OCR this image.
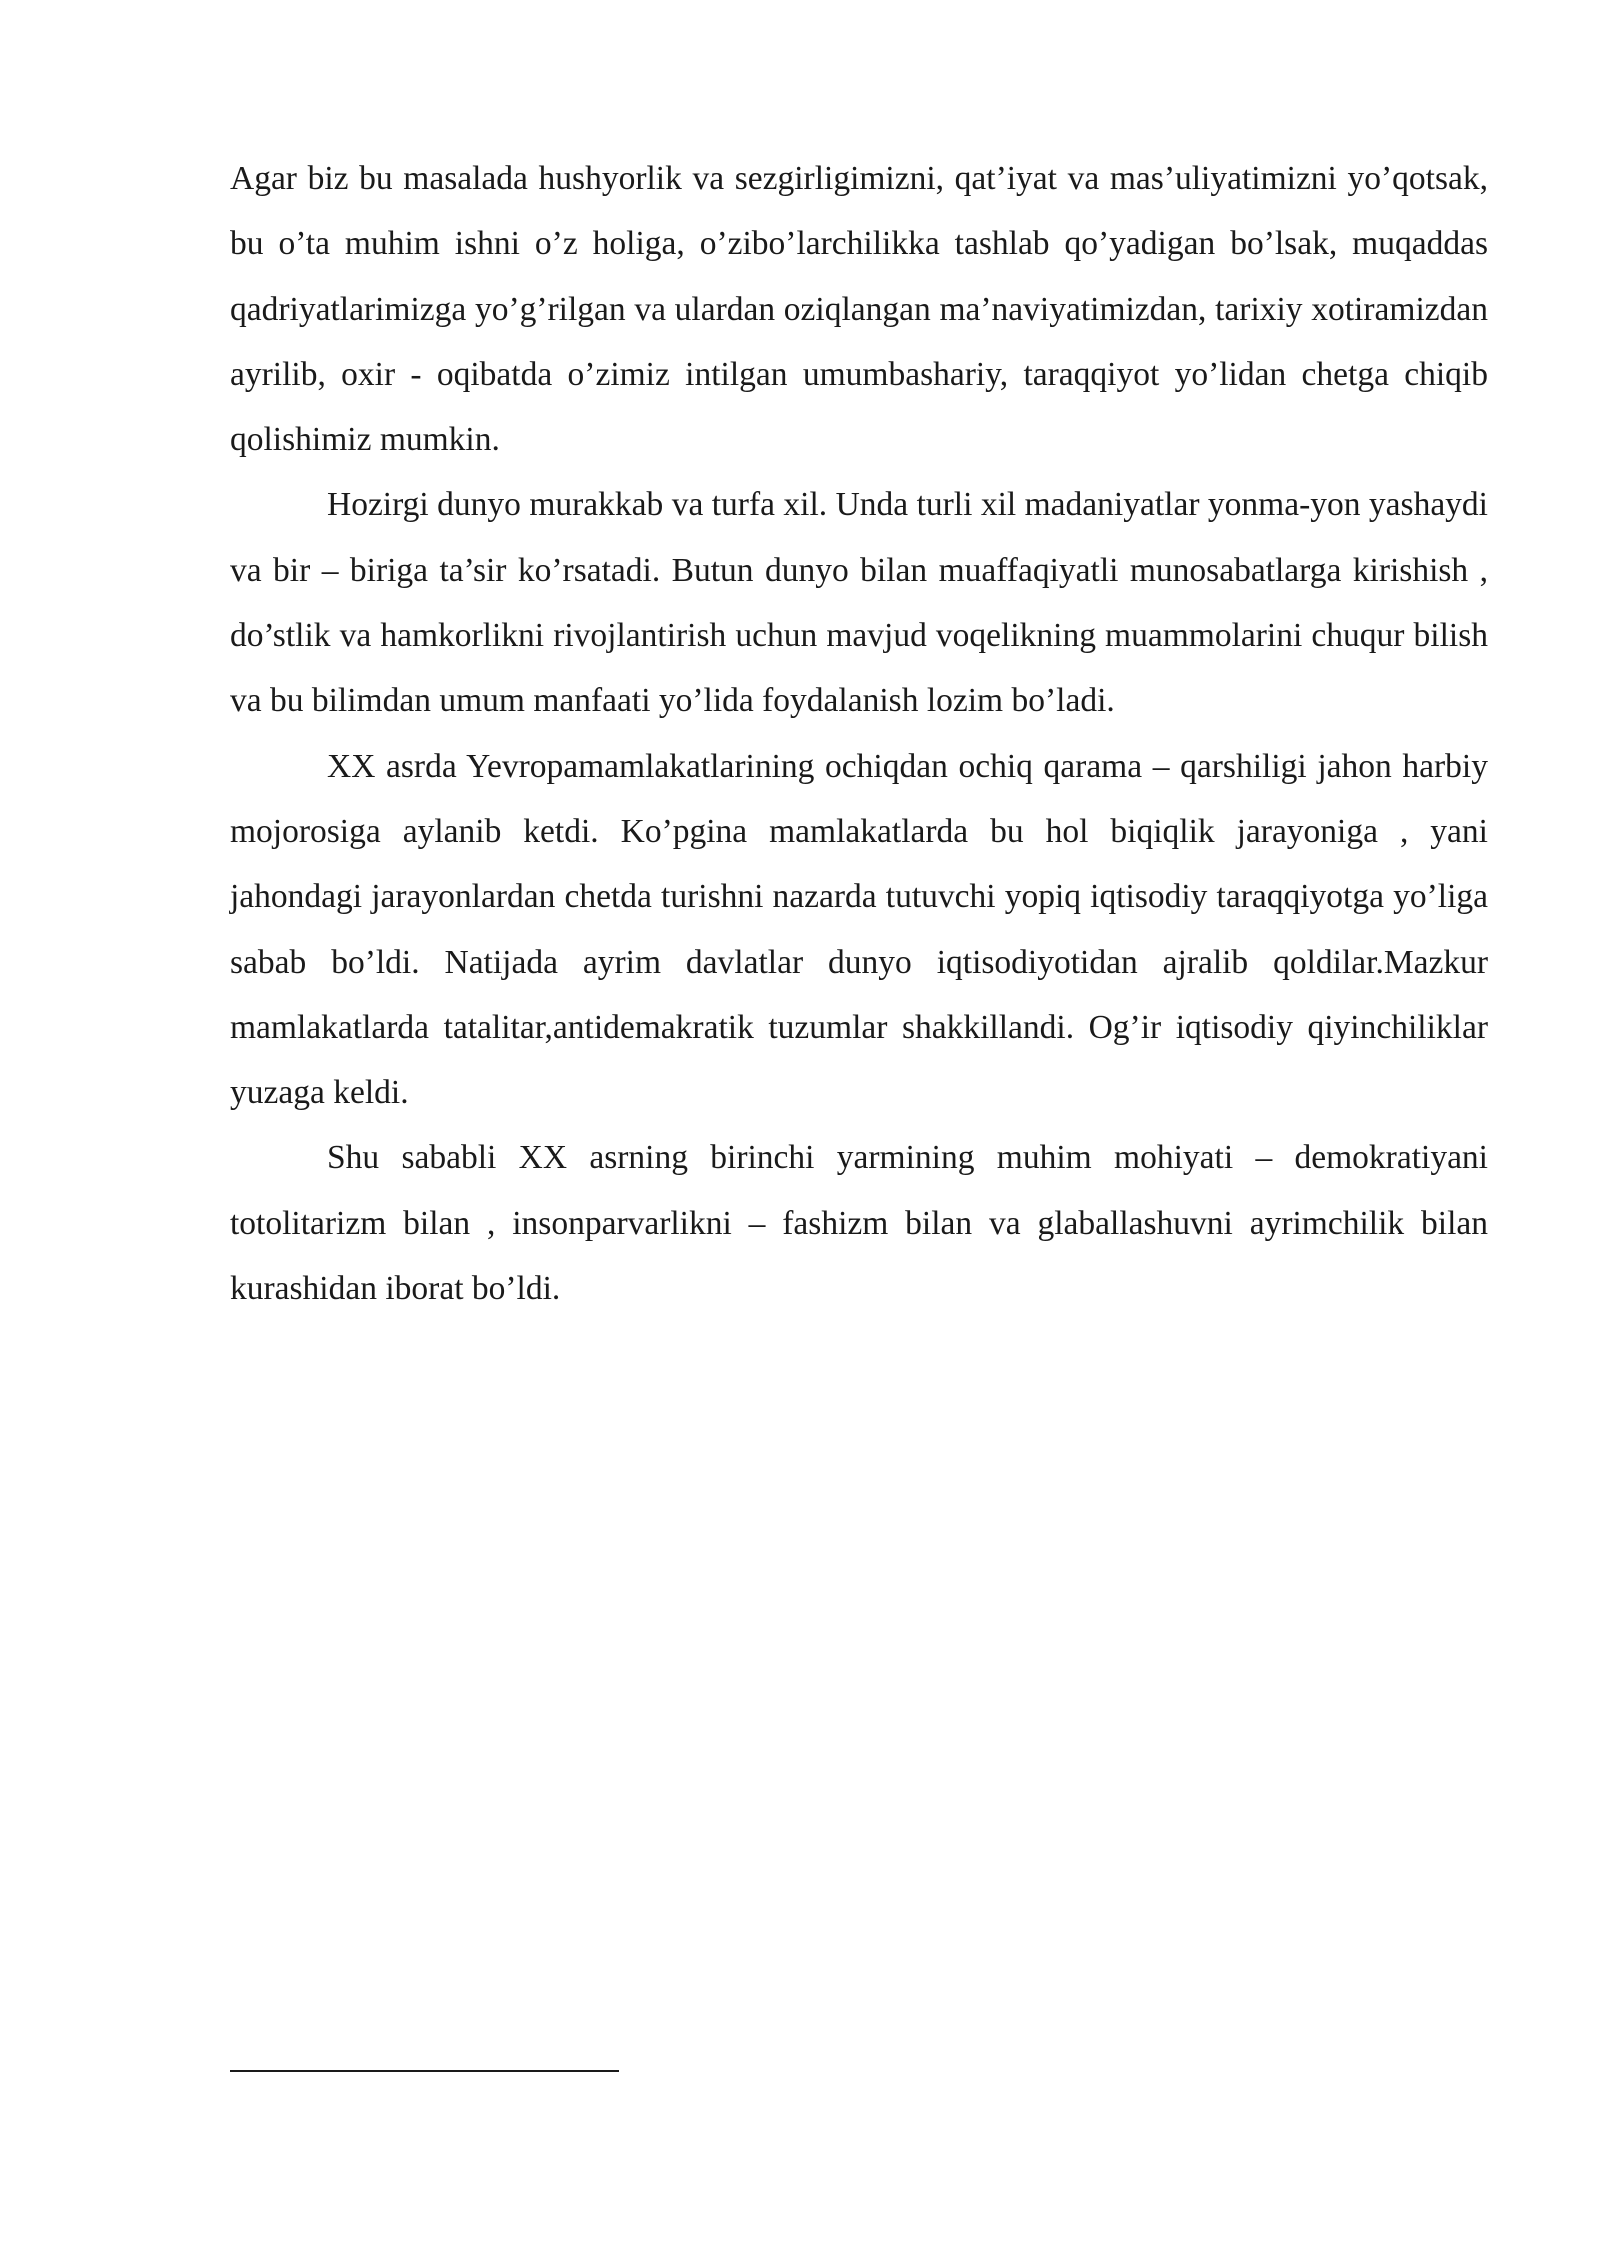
Agar biz bu masalada hushyorlik va sezgirligimizni, qat’iyat va mas’uliyatimizni yo’qotsak, bu o’ta muhim ishni o’z holiga, o’zibo’larchilikka tashlab qo’yadigan bo’lsak, muqaddas qadriyatlarimizga yo’g’rilgan va ulardan oziqlangan ma’naviyatimizdan, tarixiy xotiramizdan ayrilib, oxir - oqibatda o’zimiz intilgan umumbashariy, taraqqiyot yo’lidan chetga chiqib qolishimiz mumkin.

Hozirgi dunyo murakkab va turfa xil. Unda turli xil madaniyatlar yonma-yon yashaydi va bir – biriga ta’sir ko’rsatadi. Butun dunyo bilan muaffaqiyatli munosabatlarga kirishish , do’stlik va hamkorlikni rivojlantirish uchun mavjud voqelikning muammolarini chuqur bilish va bu bilimdan umum manfaati yo’lida foydalanish lozim bo’ladi.

XX asrda Yevropamamlakatlarining ochiqdan ochiq qarama – qarshiligi jahon harbiy mojorosiga aylanib ketdi. Ko’pgina mamlakatlarda bu hol biqiqlik jarayoniga , yani jahondagi jarayonlardan chetda turishni nazarda tutuvchi yopiq iqtisodiy taraqqiyotga yo’liga sabab bo’ldi. Natijada ayrim davlatlar dunyo iqtisodiyotidan ajralib qoldilar.Mazkur mamlakatlarda tatalitar,antidemakratik tuzumlar shakkillandi. Og’ir iqtisodiy qiyinchiliklar yuzaga keldi.

Shu sababli XX asrning birinchi yarmining muhim mohiyati – demokratiyani totolitarizm bilan , insonparvarlikni – fashizm bilan va glaballashuvni ayrimchilik bilan kurashidan iborat bo’ldi.
